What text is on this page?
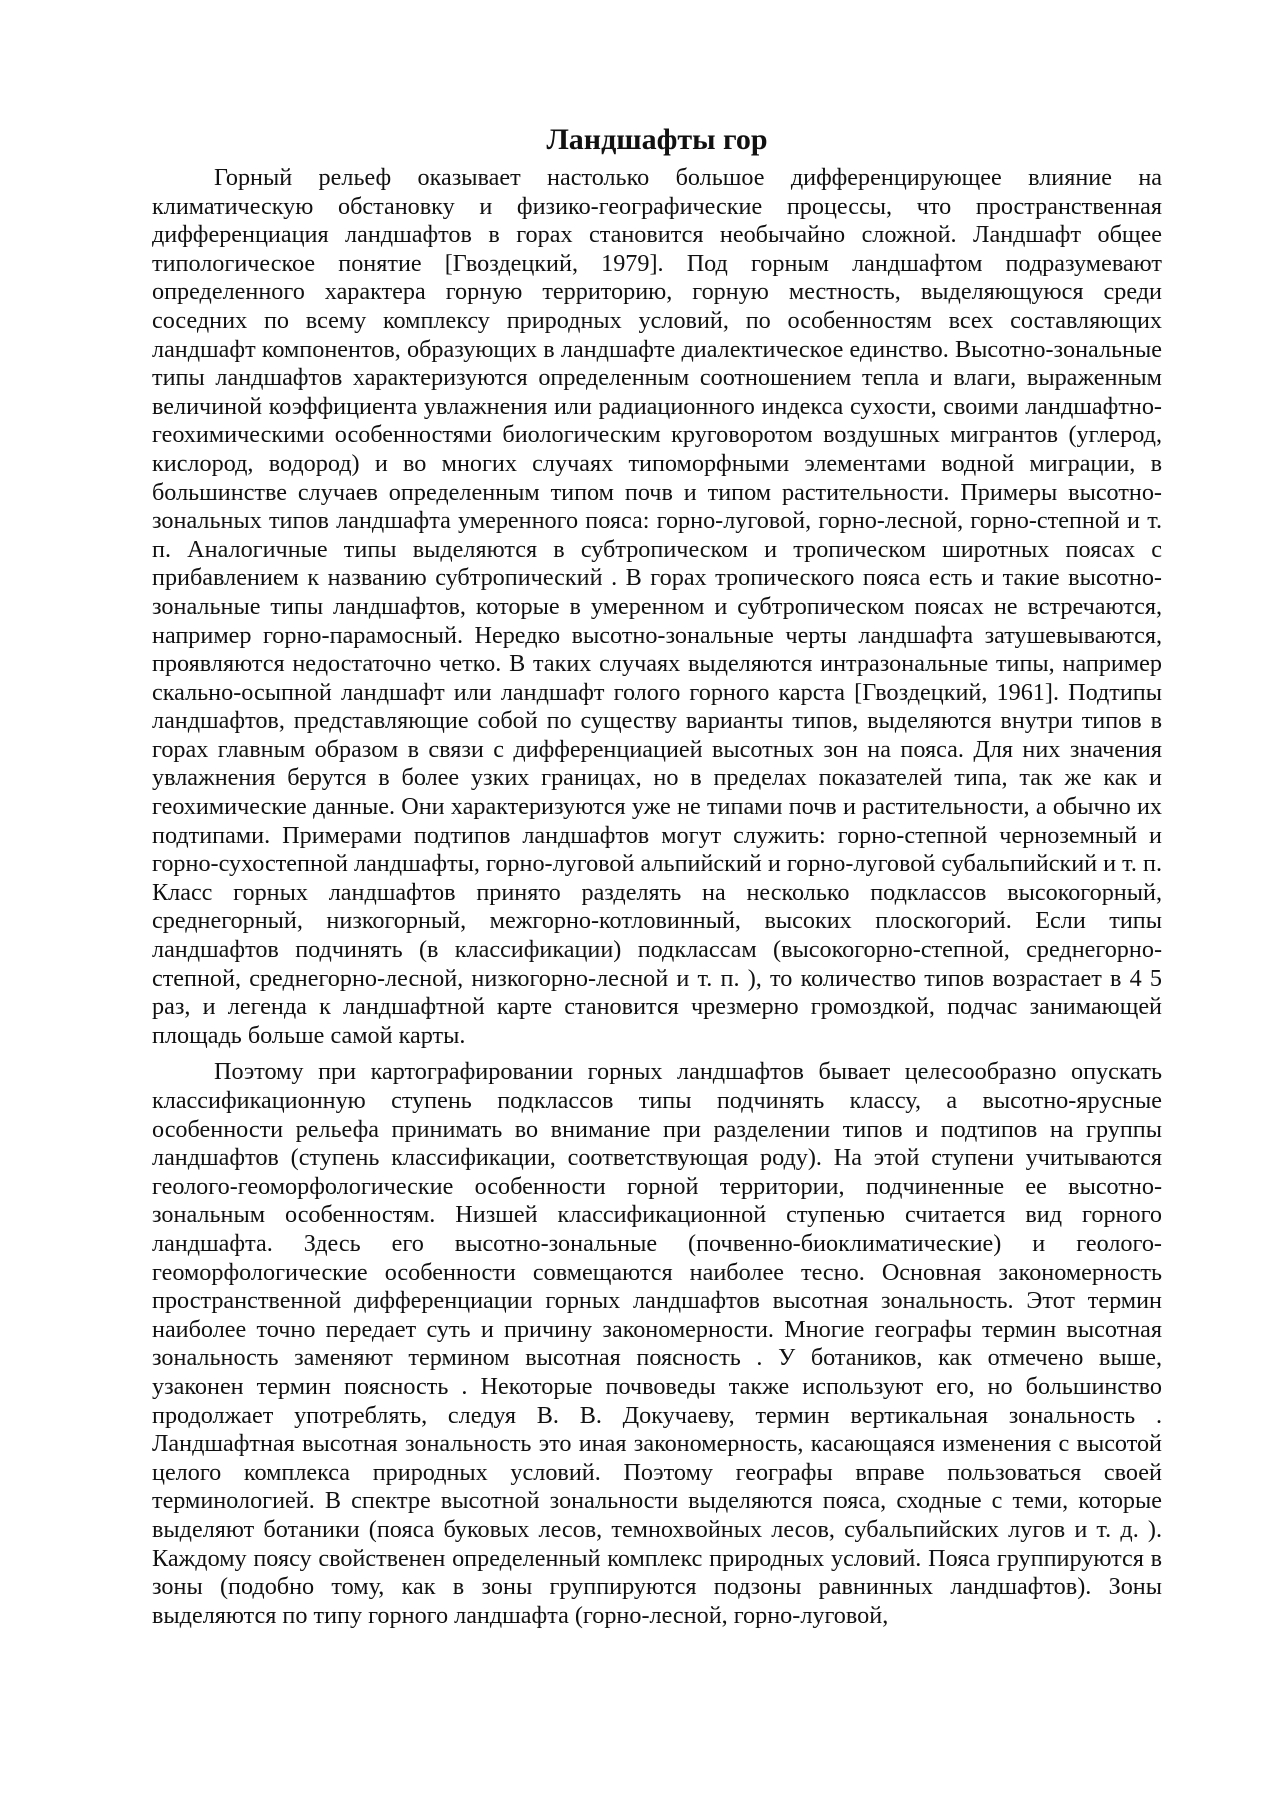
Ландшафты гор

Горный рельеф оказывает настолько большое дифференцирующее влияние на климатическую обстановку и физико-географические процессы, что пространственная дифференциация ландшафтов в горах становится необычайно сложной. Ландшафт общее типологическое понятие [Гвоздецкий, 1979]. Под горным ландшафтом подразумевают определенного характера горную территорию, горную местность, выделяющуюся среди соседних по всему комплексу природных условий, по особенностям всех составляющих ландшафт компонентов, образующих в ландшафте диалектическое единство. Высотно-зональные типы ландшафтов характеризуются определенным соотношением тепла и влаги, выраженным величиной коэффициента увлажнения или радиационного индекса сухости, своими ландшафтно-геохимическими особенностями биологическим круговоротом воздушных мигрантов (углерод, кислород, водород) и во многих случаях типоморфными элементами водной миграции, в большинстве случаев определенным типом почв и типом растительности. Примеры высотно-зональных типов ландшафта умеренного пояса: горно-луговой, горно-лесной, горно-степной и т. п. Аналогичные типы выделяются в субтропическом и тропическом широтных поясах с прибавлением к названию субтропический . В горах тропического пояса есть и такие высотно-зональные типы ландшафтов, которые в умеренном и субтропическом поясах не встречаются, например горно-парамосный. Нередко высотно-зональные черты ландшафта затушевываются, проявляются недостаточно четко. В таких случаях выделяются интразональные типы, например скально-осыпной ландшафт или ландшафт голого горного карста [Гвоздецкий, 1961]. Подтипы ландшафтов, представляющие собой по существу варианты типов, выделяются внутри типов в горах главным образом в связи с дифференциацией высотных зон на пояса. Для них значения увлажнения берутся в более узких границах, но в пределах показателей типа, так же как и геохимические данные. Они характеризуются уже не типами почв и растительности, а обычно их подтипами. Примерами подтипов ландшафтов могут служить: горно-степной черноземный и горно-сухостепной ландшафты, горно-луговой альпийский и горно-луговой субальпийский и т. п. Класс горных ландшафтов принято разделять на несколько подклассов высокогорный, среднегорный, низкогорный, межгорно-котловинный, высоких плоскогорий. Если типы ландшафтов подчинять (в классификации) подклассам (высокогорно-степной, среднегорно-степной, среднегорно-лесной, низкогорно-лесной и т. п. ), то количество типов возрастает в 4 5 раз, и легенда к ландшафтной карте становится чрезмерно громоздкой, подчас занимающей площадь больше самой карты.

Поэтому при картографировании горных ландшафтов бывает целесообразно опускать классификационную ступень подклассов типы подчинять классу, а высотно-ярусные особенности рельефа принимать во внимание при разделении типов и подтипов на группы ландшафтов (ступень классификации, соответствующая роду). На этой ступени учитываются геолого-геоморфологические особенности горной территории, подчиненные ее высотно-зональным особенностям. Низшей классификационной ступенью считается вид горного ландшафта. Здесь его высотно-зональные (почвенно-биоклиматические) и геолого-геоморфологические особенности совмещаются наиболее тесно. Основная закономерность пространственной дифференциации горных ландшафтов высотная зональность. Этот термин наиболее точно передает суть и причину закономерности. Многие географы термин высотная зональность заменяют термином высотная поясность . У ботаников, как отмечено выше, узаконен термин поясность . Некоторые почвоведы также используют его, но большинство продолжает употреблять, следуя В. В. Докучаеву, термин вертикальная зональность . Ландшафтная высотная зональность это иная закономерность, касающаяся изменения с высотой целого комплекса природных условий. Поэтому географы вправе пользоваться своей терминологией. В спектре высотной зональности выделяются пояса, сходные с теми, которые выделяют ботаники (пояса буковых лесов, темнохвойных лесов, субальпийских лугов и т. д. ). Каждому поясу свойственен определенный комплекс природных условий. Пояса группируются в зоны (подобно тому, как в зоны группируются подзоны равнинных ландшафтов). Зоны выделяются по типу горного ландшафта (горно-лесной, горно-луговой,
